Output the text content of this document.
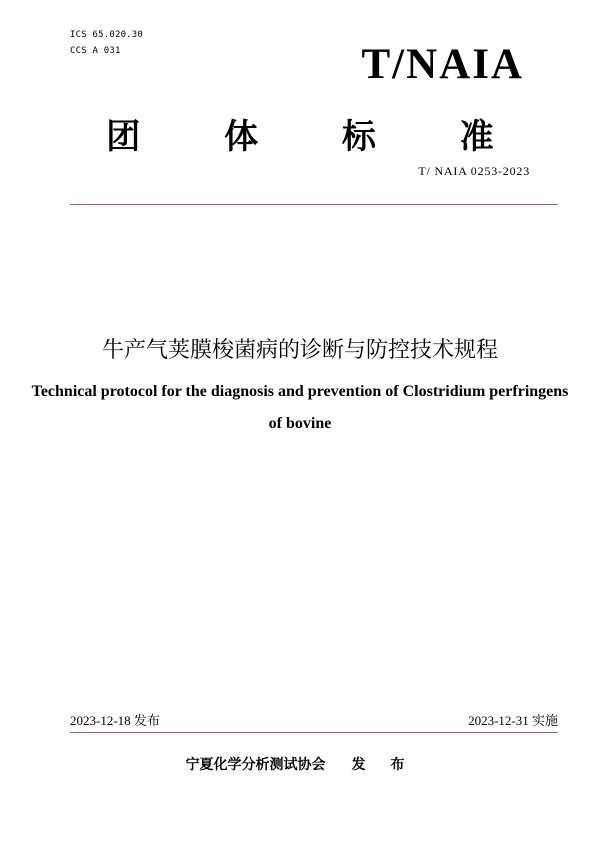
ICS 65.020.30
CCS A 031	T/NAIA
团 体 标 准
T/ NAIA 0253-2023
牛产气荚膜梭菌病的诊断与防控技术规程
Technical protocol for the diagnosis and prevention of Clostridium perfringens of bovine
2023-12-18 发布	2023-12-31 实施
宁夏化学分析测试协会 发 布
